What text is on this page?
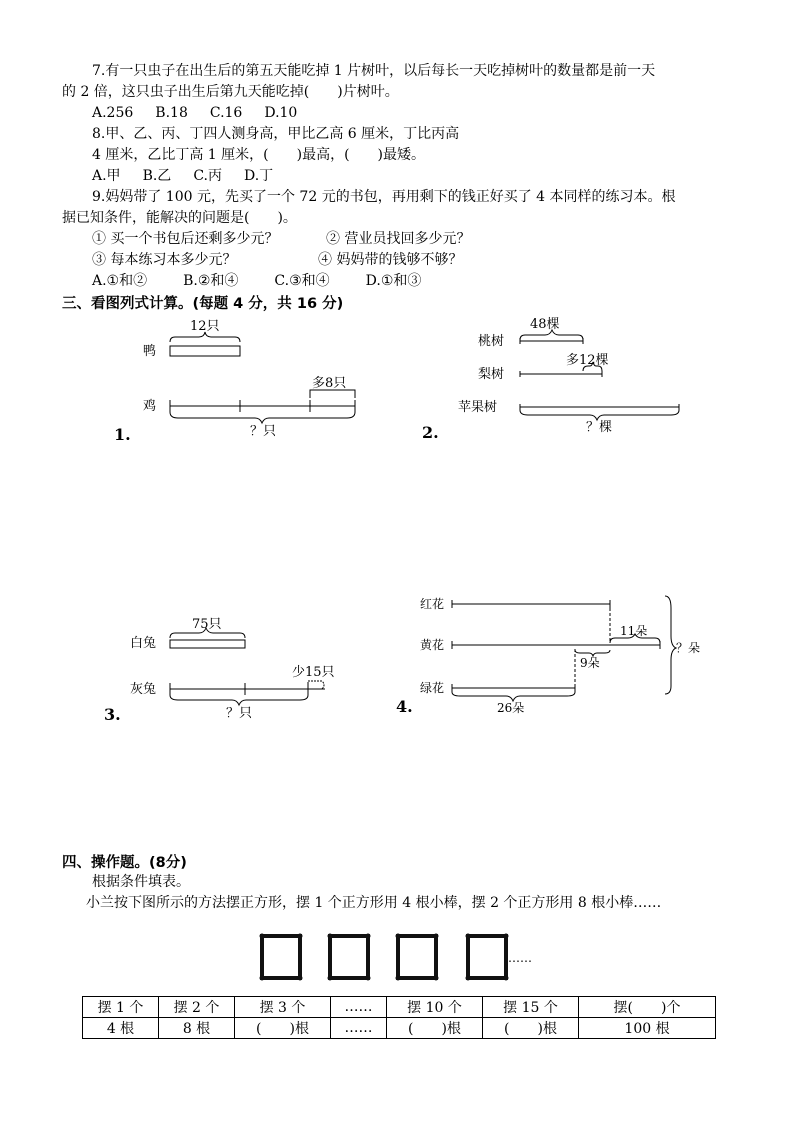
7.有一只虫子在出生后的第五天能吃掉 1 片树叶，以后每长一天吃掉树叶的数量都是前一天
的 2 倍，这只虫子出生后第九天能吃掉(　　)片树叶。
A.256 B.18 C.16 D.10
8.甲、乙、丙、丁四人测身高，甲比乙高 6 厘米，丁比丙高
4 厘米，乙比丁高 1 厘米，(　　)最高，(　　)最矮。
A.甲 B.乙 C.丙 D.丁
9.妈妈带了 100 元，先买了一个 72 元的书包，再用剩下的钱正好买了 4 本同样的练习本。根
据已知条件，能解决的问题是(　　)。
① 买一个书包后还剩多少元？	② 营业员找回多少元？
③ 每本练习本多少元？	④ 妈妈带的钱够不够？
A.①和②	B.②和④	C.③和④	D.①和③
三、看图列式计算。(每题 4 分，共 16 分)
鸭
12只
鸡
多8只
？只
1.
桃树
48棵
梨树
多12棵
苹果树
？棵
2.
白兔
75只
灰兔
少15只
？只
3.
红花
黄花
绿花
11朵
9朵
26朵
？朵
4.
四、操作题。(8分)
根据条件填表。
小兰按下图所示的方法摆正方形，摆 1 个正方形用 4 根小棒，摆 2 个正方形用 8 根小棒……
……
摆 1 个	摆 2 个	摆 3 个	……	摆 10 个	摆 15 个	摆(　　)个
4 根	8 根	(　　)根	……	(　　)根	(　　)根	100 根
